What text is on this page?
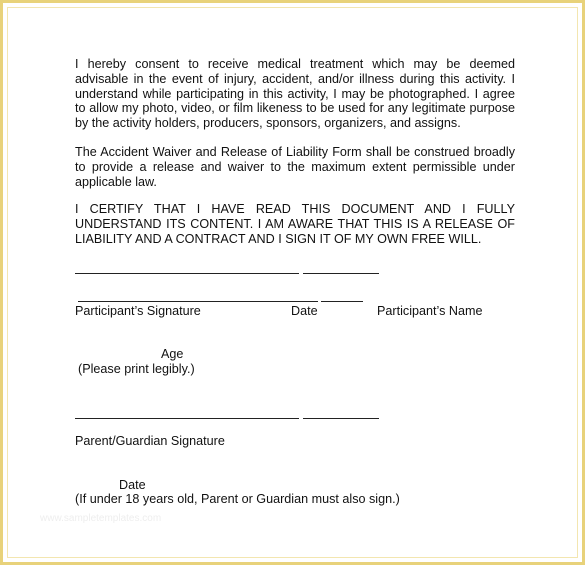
www.sampletemplates.com
I hereby consent to receive medical treatment which may be deemed advisable in the event of injury, accident, and/or illness during this activity. I understand while participating in this activity, I may be photographed. I agree to allow my photo, video, or film likeness to be used for any legitimate purpose by the activity holders, producers, sponsors, organizers, and assigns.
The Accident Waiver and Release of Liability Form shall be construed broadly to provide a release and waiver to the maximum extent permissible under applicable law.
I CERTIFY THAT I HAVE READ THIS DOCUMENT AND I FULLY UNDERSTAND ITS CONTENT. I AM AWARE THAT THIS IS A RELEASE OF LIABILITY AND A CONTRACT AND I SIGN IT OF MY OWN FREE WILL.
Participant’s Signature	Date	Participant’s Name
Age
(Please print legibly.)
Parent/Guardian Signature
Date
(If under 18 years old, Parent or Guardian must also sign.)
